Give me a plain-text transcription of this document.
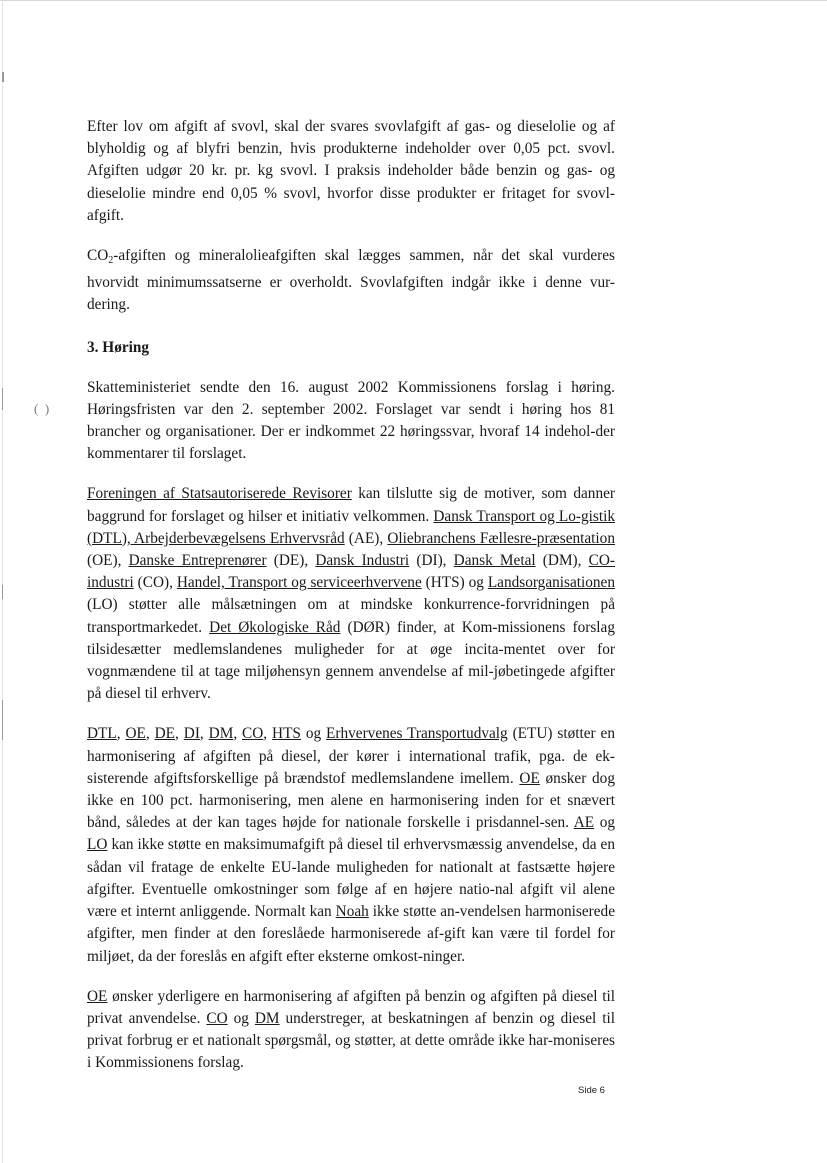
(  )

Efter lov om afgift af svovl, skal der svares svovlafgift af gas- og dieselolie og af blyholdig og af blyfri benzin, hvis produkterne indeholder over 0,05 pct. svovl. Afgiften udgør 20 kr. pr. kg svovl. I praksis indeholder både benzin og gas- og dieselolie mindre end 0,05 % svovl, hvorfor disse produkter er fritaget for svovl-afgift.

$CO_2$-afgiften og mineralolieafgiften skal lægges sammen, når det skal vurderes hvorvidt minimumssatserne er overholdt. Svovlafgiften indgår ikke i denne vur-dering.

3. Høring

Skatteministeriet sendte den 16. august 2002 Kommissionens forslag i høring. Høringsfristen var den 2. september 2002. Forslaget var sendt i høring hos 81 brancher og organisationer. Der er indkommet 22 høringssvar, hvoraf 14 indehol-der kommentarer til forslaget.

Foreningen af Statsautoriserede Revisorer kan tilslutte sig de motiver, som danner baggrund for forslaget og hilser et initiativ velkommen. Dansk Transport og Lo-gistik (DTL), Arbejderbevægelsens Erhvervsråd (AE), Oliebranchens Fællesre-præsentation (OE), Danske Entreprenører (DE), Dansk Industri (DI), Dansk Metal (DM), CO-industri (CO), Handel, Transport og serviceerhvervene (HTS) og Landsorganisationen (LO) støtter alle målsætningen om at mindske konkurrence-forvridningen på transportmarkedet. Det Økologiske Råd (DØR) finder, at Kom-missionens forslag tilsidesætter medlemslandenes muligheder for at øge incita-mentet over for vognmændene til at tage miljøhensyn gennem anvendelse af mil-jøbetingede afgifter på diesel til erhverv.

DTL, OE, DE, DI, DM, CO, HTS og Erhvervenes Transportudvalg (ETU) støtter en harmonisering af afgiften på diesel, der kører i international trafik, pga. de ek-sisterende afgiftsforskellige på brændstof medlemslandene imellem. OE ønsker dog ikke en 100 pct. harmonisering, men alene en harmonisering inden for et snævert bånd, således at der kan tages højde for nationale forskelle i prisdannel-sen. AE og LO kan ikke støtte en maksimumafgift på diesel til erhvervsmæssig anvendelse, da en sådan vil fratage de enkelte EU-lande muligheden for nationalt at fastsætte højere afgifter. Eventuelle omkostninger som følge af en højere natio-nal afgift vil alene være et internt anliggende. Normalt kan Noah ikke støtte an-vendelsen harmoniserede afgifter, men finder at den foreslåede harmoniserede af-gift kan være til fordel for miljøet, da der foreslås en afgift efter eksterne omkost-ninger.

OE ønsker yderligere en harmonisering af afgiften på benzin og afgiften på diesel til privat anvendelse. CO og DM understreger, at beskatningen af benzin og diesel til privat forbrug er et nationalt spørgsmål, og støtter, at dette område ikke har-moniseres i Kommissionens forslag.

Side 6
